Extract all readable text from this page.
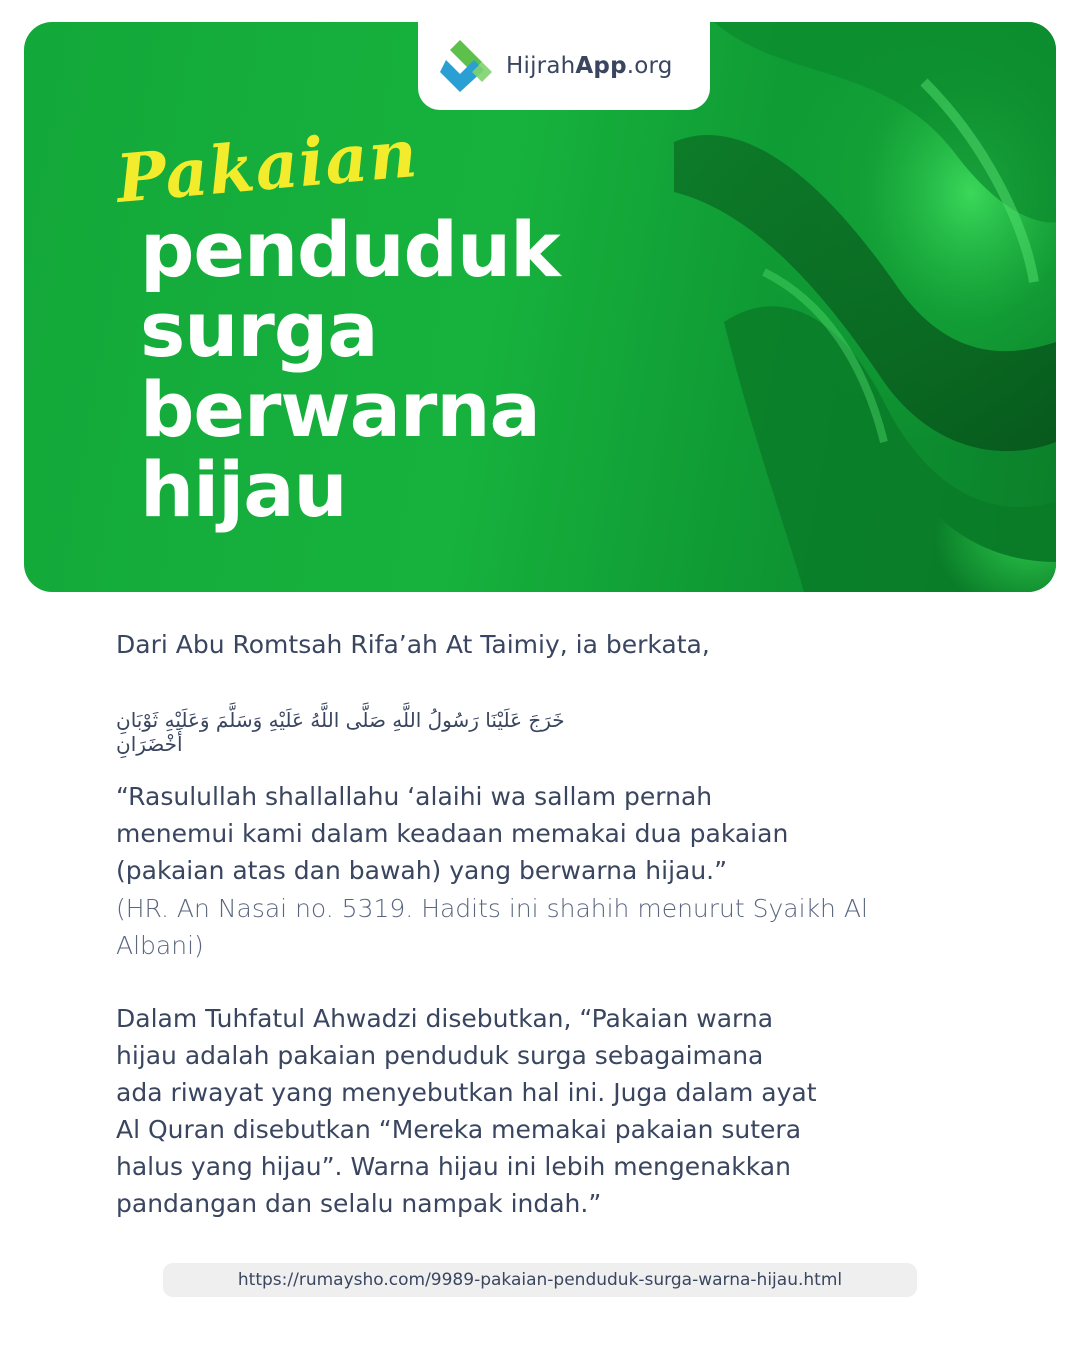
HijrahApp.org
Pakaian
penduduk
surga
berwarna
hijau
Dari Abu Romtsah Rifa’ah At Taimiy, ia berkata,
خَرَجَ عَلَيْنَا رَسُولُ اللَّهِ صَلَّى اللَّهُ عَلَيْهِ وَسَلَّمَ وَعَلَيْهِ ثَوْبَانِ أَخْضَرَانِ
“Rasulullah shallallahu ‘alaihi wa sallam pernah
menemui kami dalam keadaan memakai dua pakaian
(pakaian atas dan bawah) yang berwarna hijau.”
(HR. An Nasai no. 5319. Hadits ini shahih menurut Syaikh Al
Albani)
Dalam Tuhfatul Ahwadzi disebutkan, “Pakaian warna
hijau adalah pakaian penduduk surga sebagaimana
ada riwayat yang menyebutkan hal ini. Juga dalam ayat
Al Quran disebutkan “Mereka memakai pakaian sutera
halus yang hijau”. Warna hijau ini lebih mengenakkan
pandangan dan selalu nampak indah.”
https://rumaysho.com/9989-pakaian-penduduk-surga-warna-hijau.html
